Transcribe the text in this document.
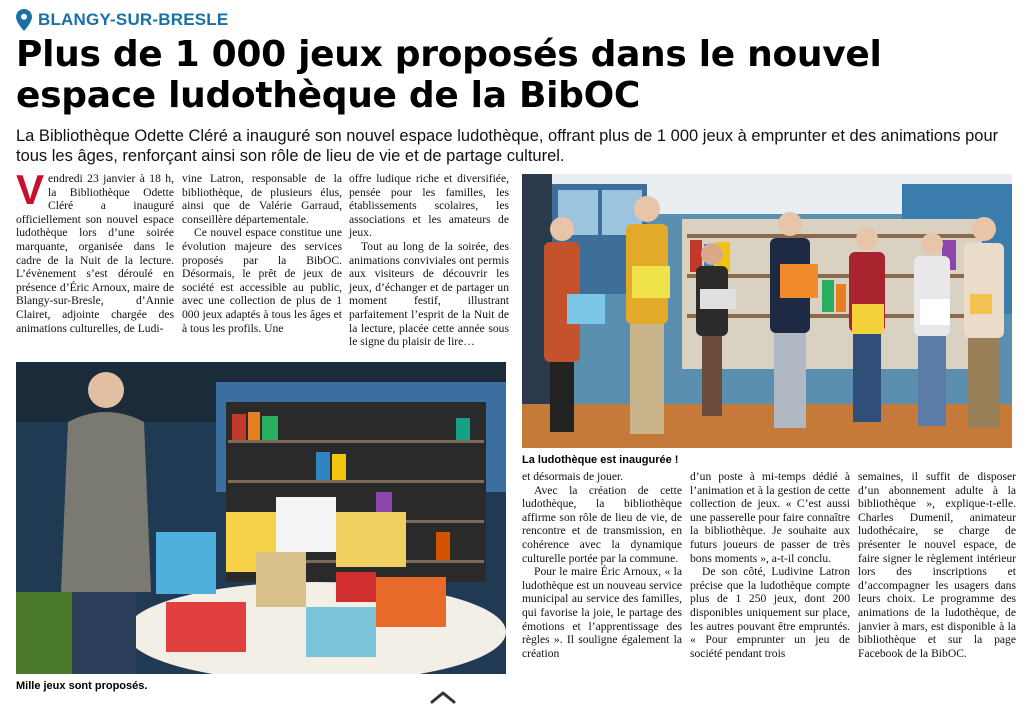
BLANGY-SUR-BRESLE
Plus de 1 000 jeux proposés dans le nouvel espace ludothèque de la BibOC

La Bibliothèque Odette Cléré a inauguré son nouvel espace ludothèque, offrant plus de 1 000 jeux à emprunter et des animations pour tous les âges, renforçant ainsi son rôle de lieu de vie et de partage culturel.

Vendredi 23 janvier à 18 h, la Bibliothèque Odette Cléré a inauguré officiellement son nouvel espace ludothèque lors d’une soirée marquante, organisée dans le cadre de la Nuit de la lecture. L’évènement s’est déroulé en présence d’Éric Arnoux, maire de Blangy-sur-Bresle, d’Annie Clairet, adjointe chargée des animations culturelles, de Ludi-

vine Latron, responsable de la bibliothèque, de plusieurs élus, ainsi que de Valérie Garraud, conseillère départementale.

Ce nouvel espace constitue une évolution majeure des services proposés par la BibOC. Désormais, le prêt de jeux de société est accessible au public, avec une collection de plus de 1 000 jeux adaptés à tous les âges et à tous les profils. Une

offre ludique riche et diversifiée, pensée pour les familles, les établissements scolaires, les associations et les amateurs de jeux.

Tout au long de la soirée, des animations conviviales ont permis aux visiteurs de découvrir les jeux, d’échanger et de partager un moment festif, illustrant parfaitement l’esprit de la Nuit de la lecture, placée cette année sous le signe du plaisir de lire…

La ludothèque est inaugurée !
Mille jeux sont proposés.

et désormais de jouer.

Avec la création de cette ludothèque, la bibliothèque affirme son rôle de lieu de vie, de rencontre et de transmission, en cohérence avec la dynamique culturelle portée par la commune.

Pour le maire Éric Arnoux, « la ludothèque est un nouveau service municipal au service des familles, qui favorise la joie, le partage des émotions et l’apprentissage des règles ». Il souligne également la création

d’un poste à mi-temps dédié à l’animation et à la gestion de cette collection de jeux. « C’est aussi une passerelle pour faire connaître la bibliothèque. Je souhaite aux futurs joueurs de passer de très bons moments », a-t-il conclu.

De son côté, Ludivine Latron précise que la ludothèque compte plus de 1 250 jeux, dont 200 disponibles uniquement sur place, les autres pouvant être empruntés. « Pour emprunter un jeu de société pendant trois

semaines, il suffit de disposer d’un abonnement adulte à la bibliothèque », explique-t-elle. Charles Dumenil, animateur ludothécaire, se charge de présenter le nouvel espace, de faire signer le règlement intérieur lors des inscriptions et d’accompagner les usagers dans leurs choix. Le programme des animations de la ludothèque, de janvier à mars, est disponible à la bibliothèque et sur la page Facebook de la BibOC.
